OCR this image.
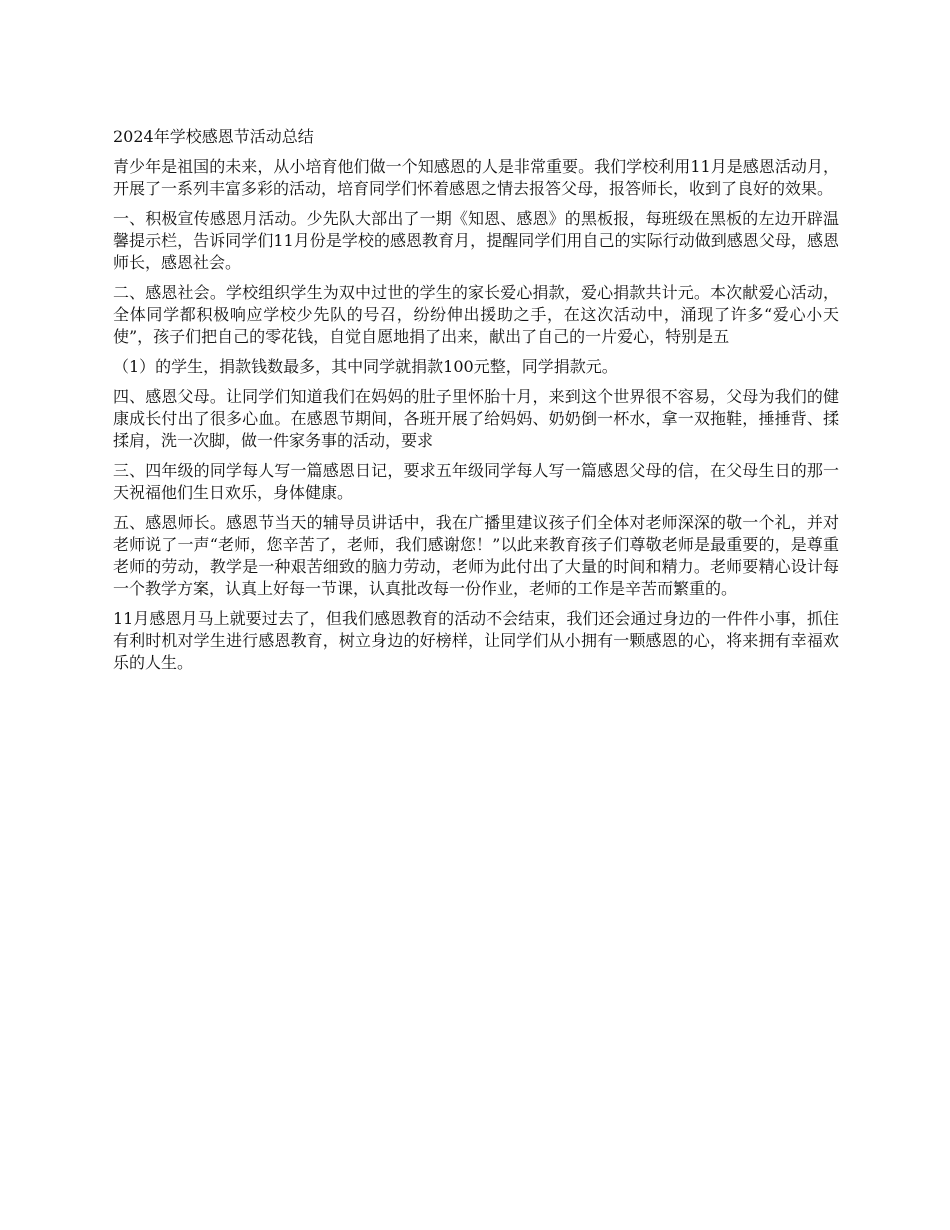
2024年学校感恩节活动总结

青少年是祖国的未来，从小培育他们做一个知感恩的人是非常重要。我们学校利用11月是感恩活动月，开展了一系列丰富多彩的活动，培育同学们怀着感恩之情去报答父母，报答师长，收到了良好的效果。

一、积极宣传感恩月活动。少先队大部出了一期《知恩、感恩》的黑板报，每班级在黑板的左边开辟温馨提示栏，告诉同学们11月份是学校的感恩教育月，提醒同学们用自己的实际行动做到感恩父母，感恩师长，感恩社会。

二、感恩社会。学校组织学生为双中过世的学生的家长爱心捐款，爱心捐款共计元。本次献爱心活动，全体同学都积极响应学校少先队的号召，纷纷伸出援助之手，在这次活动中，涌现了许多“爱心小天使”，孩子们把自己的零花钱，自觉自愿地捐了出来，献出了自己的一片爱心，特别是五

（1）的学生，捐款钱数最多，其中同学就捐款100元整，同学捐款元。

四、感恩父母。让同学们知道我们在妈妈的肚子里怀胎十月，来到这个世界很不容易，父母为我们的健康成长付出了很多心血。在感恩节期间，各班开展了给妈妈、奶奶倒一杯水，拿一双拖鞋，捶捶背、揉揉肩，洗一次脚，做一件家务事的活动，要求

三、四年级的同学每人写一篇感恩日记，要求五年级同学每人写一篇感恩父母的信，在父母生日的那一天祝福他们生日欢乐，身体健康。

五、感恩师长。感恩节当天的辅导员讲话中，我在广播里建议孩子们全体对老师深深的敬一个礼，并对老师说了一声“老师，您辛苦了，老师，我们感谢您！”以此来教育孩子们尊敬老师是最重要的，是尊重老师的劳动，教学是一种艰苦细致的脑力劳动，老师为此付出了大量的时间和精力。老师要精心设计每一个教学方案，认真上好每一节课，认真批改每一份作业，老师的工作是辛苦而繁重的。

11月感恩月马上就要过去了，但我们感恩教育的活动不会结束，我们还会通过身边的一件件小事，抓住有利时机对学生进行感恩教育，树立身边的好榜样，让同学们从小拥有一颗感恩的心，将来拥有幸福欢乐的人生。
